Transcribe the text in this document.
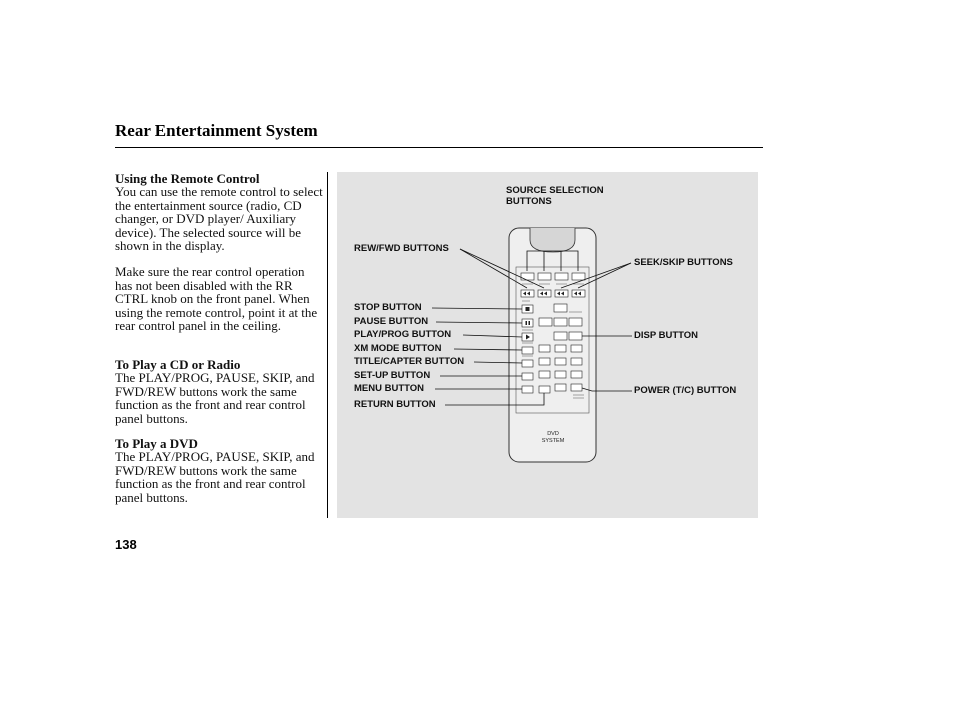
Rear Entertainment System
Using the Remote Control

You can use the remote control to select the entertainment source (radio, CD changer, or DVD player/ Auxiliary device). The selected source will be shown in the display.

Make sure the rear control operation has not been disabled with the RR CTRL knob on the front panel. When using the remote control, point it at the rear control panel in the ceiling.

To Play a CD or Radio

The PLAY/PROG, PAUSE, SKIP, and FWD/REW buttons work the same function as the front and rear control panel buttons.

To Play a DVD

The PLAY/PROG, PAUSE, SKIP, and FWD/REW buttons work the same function as the front and rear control panel buttons.

138
DVD
SYSTEM
SOURCE SELECTION
BUTTONS
REW/FWD BUTTONS
SEEK/SKIP BUTTONS
STOP BUTTON
PAUSE BUTTON
PLAY/PROG BUTTON
XM MODE BUTTON
TITLE/CAPTER BUTTON
SET-UP BUTTON
MENU BUTTON
RETURN BUTTON
DISP BUTTON
POWER (T/C) BUTTON
